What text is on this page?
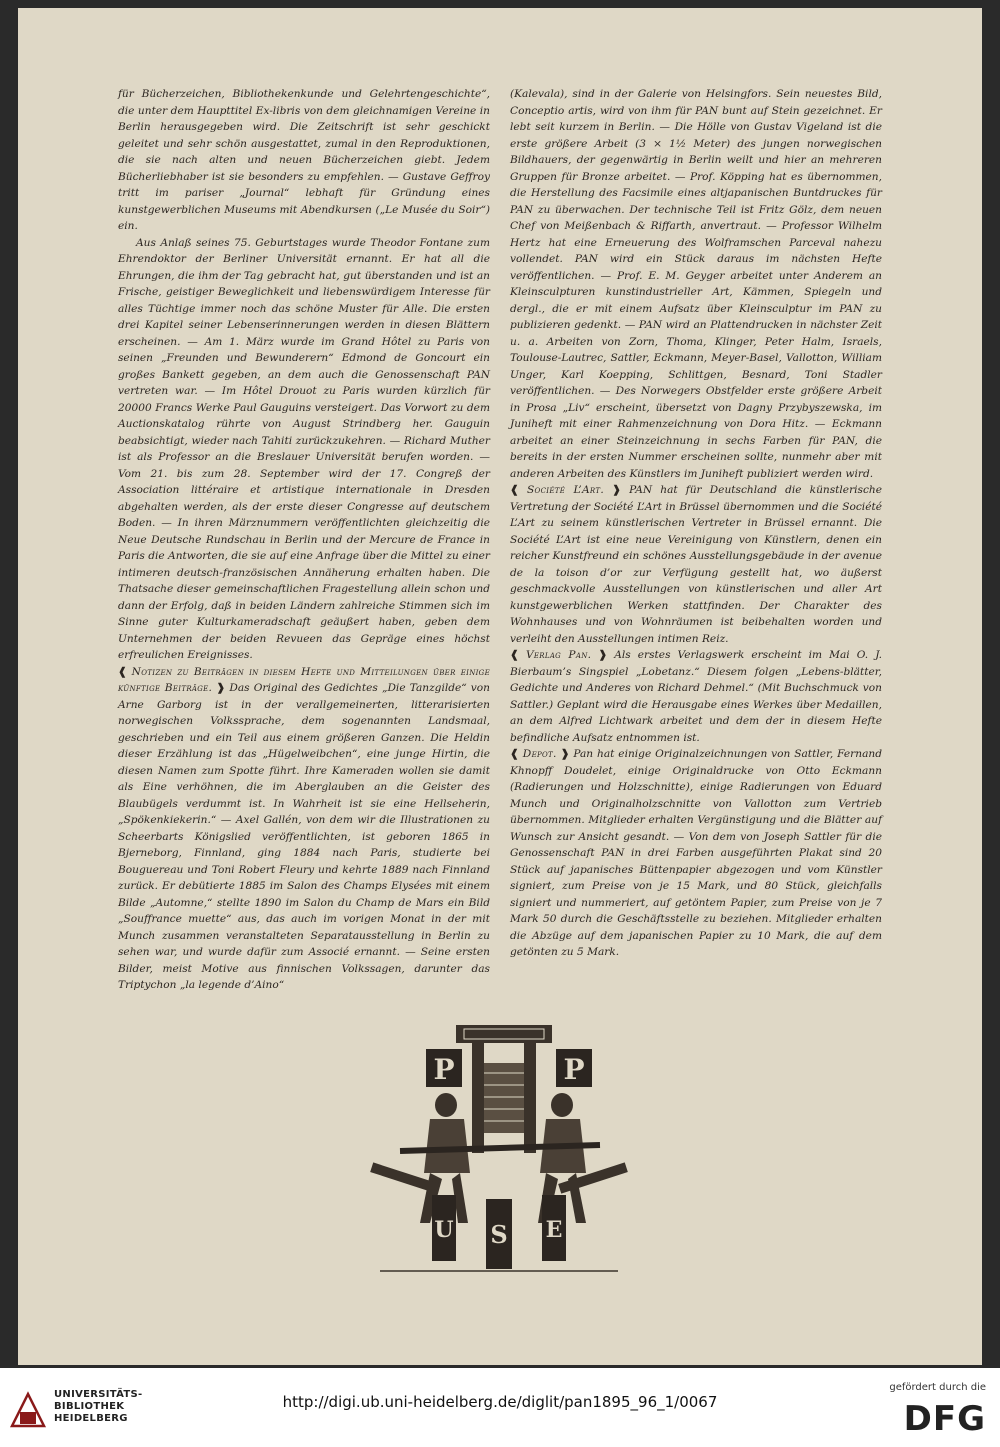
für Bücherzeichen, Bibliothekenkunde und Gelehrtengeschichte“, die unter dem Haupttitel Ex-libris von dem gleichnamigen Vereine in Berlin herausgegeben wird. Die Zeitschrift ist sehr geschickt geleitet und sehr schön ausgestattet, zumal in den Reproduktionen, die sie nach alten und neuen Bücherzeichen giebt. Jedem Bücherliebhaber ist sie besonders zu empfehlen. — Gustave Geffroy tritt im pariser „Journal“ lebhaft für Gründung eines kunstgewerblichen Museums mit Abendkursen („Le Musée du Soir“) ein.

Aus Anlaß seines 75. Geburtstages wurde Theodor Fontane zum Ehrendoktor der Berliner Universität ernannt. Er hat all die Ehrungen, die ihm der Tag gebracht hat, gut überstanden und ist an Frische, geistiger Beweglichkeit und liebenswürdigem Interesse für alles Tüchtige immer noch das schöne Muster für Alle. Die ersten drei Kapitel seiner Lebenserinnerungen werden in diesen Blättern erscheinen. — Am 1. März wurde im Grand Hôtel zu Paris von seinen „Freunden und Bewunderern“ Edmond de Goncourt ein großes Bankett gegeben, an dem auch die Genossenschaft PAN vertreten war. — Im Hôtel Drouot zu Paris wurden kürzlich für 20000 Francs Werke Paul Gauguins versteigert. Das Vorwort zu dem Auctionskatalog rührte von August Strindberg her. Gauguin beabsichtigt, wieder nach Tahiti zurückzukehren. — Richard Muther ist als Professor an die Breslauer Universität berufen worden. — Vom 21. bis zum 28. September wird der 17. Congreß der Association littéraire et artistique internationale in Dresden abgehalten werden, als der erste dieser Congresse auf deutschem Boden. — In ihren Märznummern veröffentlichten gleichzeitig die Neue Deutsche Rundschau in Berlin und der Mercure de France in Paris die Antworten, die sie auf eine Anfrage über die Mittel zu einer intimeren deutsch-französischen Annäherung erhalten haben. Die Thatsache dieser gemeinschaftlichen Fragestellung allein schon und dann der Erfolg, daß in beiden Ländern zahlreiche Stimmen sich im Sinne guter Kulturkameradschaft geäußert haben, geben dem Unternehmen der beiden Revueen das Gepräge eines höchst erfreulichen Ereignisses.

❰ Notizen zu Beiträgen in diesem Hefte und Mitteilungen über einige künftige Beiträge. ❱ Das Original des Gedichtes „Die Tanzgilde“ von Arne Garborg ist in der verallgemeinerten, litterarisierten norwegischen Volkssprache, dem sogenannten Landsmaal, geschrieben und ein Teil aus einem größeren Ganzen. Die Heldin dieser Erzählung ist das „Hügelweibchen“, eine junge Hirtin, die diesen Namen zum Spotte führt. Ihre Kameraden wollen sie damit als Eine verhöhnen, die im Aberglauben an die Geister des Blaubügels verdummt ist. In Wahrheit ist sie eine Hellseherin, „Spökenkiekerin.“ — Axel Gallén, von dem wir die Illustrationen zu Scheerbarts Königslied veröffentlichten, ist geboren 1865 in Bjerneborg, Finnland, ging 1884 nach Paris, studierte bei Bouguereau und Toni Robert Fleury und kehrte 1889 nach Finnland zurück. Er debütierte 1885 im Salon des Champs Elysées mit einem Bilde „Automne,“ stellte 1890 im Salon du Champ de Mars ein Bild „Souffrance muette“ aus, das auch im vorigen Monat in der mit Munch zusammen veranstalteten Separatausstellung in Berlin zu sehen war, und wurde dafür zum Associé ernannt. — Seine ersten Bilder, meist Motive aus finnischen Volkssagen, darunter das Triptychon „la legende d’Aino“

(Kalevala), sind in der Galerie von Helsingfors. Sein neuestes Bild, Conceptio artis, wird von ihm für PAN bunt auf Stein gezeichnet. Er lebt seit kurzem in Berlin. — Die Hölle von Gustav Vigeland ist die erste größere Arbeit (3 × 1½ Meter) des jungen norwegischen Bildhauers, der gegenwärtig in Berlin weilt und hier an mehreren Gruppen für Bronze arbeitet. — Prof. Köpping hat es übernommen, die Herstellung des Facsimile eines altjapanischen Buntdruckes für PAN zu überwachen. Der technische Teil ist Fritz Gölz, dem neuen Chef von Meißenbach & Riffarth, anvertraut. — Professor Wilhelm Hertz hat eine Erneuerung des Wolframschen Parceval nahezu vollendet. PAN wird ein Stück daraus im nächsten Hefte veröffentlichen. — Prof. E. M. Geyger arbeitet unter Anderem an Kleinsculpturen kunstindustrieller Art, Kämmen, Spiegeln und dergl., die er mit einem Aufsatz über Kleinsculptur im PAN zu publizieren gedenkt. — PAN wird an Plattendrucken in nächster Zeit u. a. Arbeiten von Zorn, Thoma, Klinger, Peter Halm, Israels, Toulouse-Lautrec, Sattler, Eckmann, Meyer-Basel, Vallotton, William Unger, Karl Koepping, Schlittgen, Besnard, Toni Stadler veröffentlichen. — Des Norwegers Obstfelder erste größere Arbeit in Prosa „Liv“ erscheint, übersetzt von Dagny Przybyszewska, im Juniheft mit einer Rahmenzeichnung von Dora Hitz. — Eckmann arbeitet an einer Steinzeichnung in sechs Farben für PAN, die bereits in der ersten Nummer erscheinen sollte, nunmehr aber mit anderen Arbeiten des Künstlers im Juniheft publiziert werden wird.

❰ Société L’Art. ❱ PAN hat für Deutschland die künstlerische Vertretung der Société L’Art in Brüssel übernommen und die Société L’Art zu seinem künstlerischen Vertreter in Brüssel ernannt. Die Société L’Art ist eine neue Vereinigung von Künstlern, denen ein reicher Kunstfreund ein schönes Ausstellungsgebäude in der avenue de la toison d’or zur Verfügung gestellt hat, wo äußerst geschmackvolle Ausstellungen von künstlerischen und aller Art kunstgewerblichen Werken stattfinden. Der Charakter des Wohnhauses und von Wohnräumen ist beibehalten worden und verleiht den Ausstellungen intimen Reiz.

❰ Verlag Pan. ❱ Als erstes Verlagswerk erscheint im Mai O. J. Bierbaum’s Singspiel „Lobetanz.“ Diesem folgen „Lebens-blätter, Gedichte und Anderes von Richard Dehmel.“ (Mit Buchschmuck von Sattler.) Geplant wird die Herausgabe eines Werkes über Medaillen, an dem Alfred Lichtwark arbeitet und dem der in diesem Hefte befindliche Aufsatz entnommen ist.

❰ Depot. ❱ Pan hat einige Originalzeichnungen von Sattler, Fernand Khnopff Doudelet, einige Originaldrucke von Otto Eckmann (Radierungen und Holzschnitte), einige Radierungen von Eduard Munch und Originalholzschnitte von Vallotton zum Vertrieb übernommen. Mitglieder erhalten Vergünstigung und die Blätter auf Wunsch zur Ansicht gesandt. — Von dem von Joseph Sattler für die Genossenschaft PAN in drei Farben ausgeführten Plakat sind 20 Stück auf japanisches Büttenpapier abgezogen und vom Künstler signiert, zum Preise von je 15 Mark, und 80 Stück, gleichfalls signiert und nummeriert, auf getöntem Papier, zum Preise von je 7 Mark 50 durch die Geschäftsstelle zu beziehen. Mitglieder erhalten die Abzüge auf dem japanischen Papier zu 10 Mark, die auf dem getönten zu 5 Mark.

P	P
U S E
UNIVERSITÄTS-
BIBLIOTHEK
HEIDELBERG
http://digi.ub.uni-heidelberg.de/diglit/pan1895_96_1/0067
gefördert durch die
DFG
